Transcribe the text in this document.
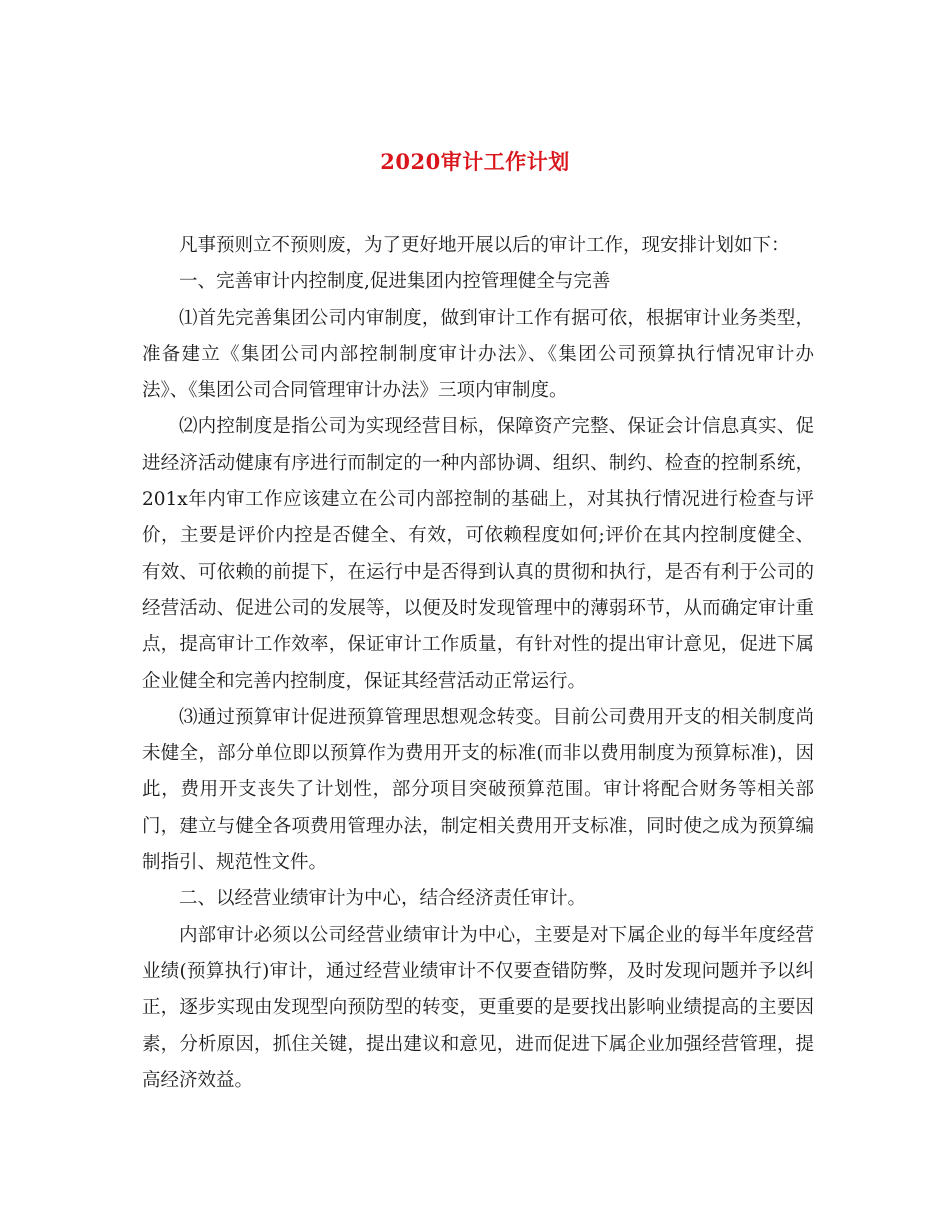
2020审计工作计划

凡事预则立不预则废，为了更好地开展以后的审计工作，现安排计划如下：

一、完善审计内控制度,促进集团内控管理健全与完善

⑴首先完善集团公司内审制度，做到审计工作有据可依，根据审计业务类型，准备建立《集团公司内部控制制度审计办法》、《集团公司预算执行情况审计办法》、《集团公司合同管理审计办法》三项内审制度。

⑵内控制度是指公司为实现经营目标，保障资产完整、保证会计信息真实、促进经济活动健康有序进行而制定的一种内部协调、组织、制约、检查的控制系统，201x年内审工作应该建立在公司内部控制的基础上，对其执行情况进行检查与评价，主要是评价内控是否健全、有效，可依赖程度如何;评价在其内控制度健全、有效、可依赖的前提下，在运行中是否得到认真的贯彻和执行，是否有利于公司的经营活动、促进公司的发展等，以便及时发现管理中的薄弱环节，从而确定审计重点，提高审计工作效率，保证审计工作质量，有针对性的提出审计意见，促进下属企业健全和完善内控制度，保证其经营活动正常运行。

⑶通过预算审计促进预算管理思想观念转变。目前公司费用开支的相关制度尚未健全，部分单位即以预算作为费用开支的标准(而非以费用制度为预算标准)，因此，费用开支丧失了计划性，部分项目突破预算范围。审计将配合财务等相关部门，建立与健全各项费用管理办法，制定相关费用开支标准，同时使之成为预算编制指引、规范性文件。

二、以经营业绩审计为中心，结合经济责任审计。

内部审计必须以公司经营业绩审计为中心，主要是对下属企业的每半年度经营业绩(预算执行)审计，通过经营业绩审计不仅要查错防弊，及时发现问题并予以纠正，逐步实现由发现型向预防型的转变，更重要的是要找出影响业绩提高的主要因素，分析原因，抓住关键，提出建议和意见，进而促进下属企业加强经营管理，提高经济效益。
